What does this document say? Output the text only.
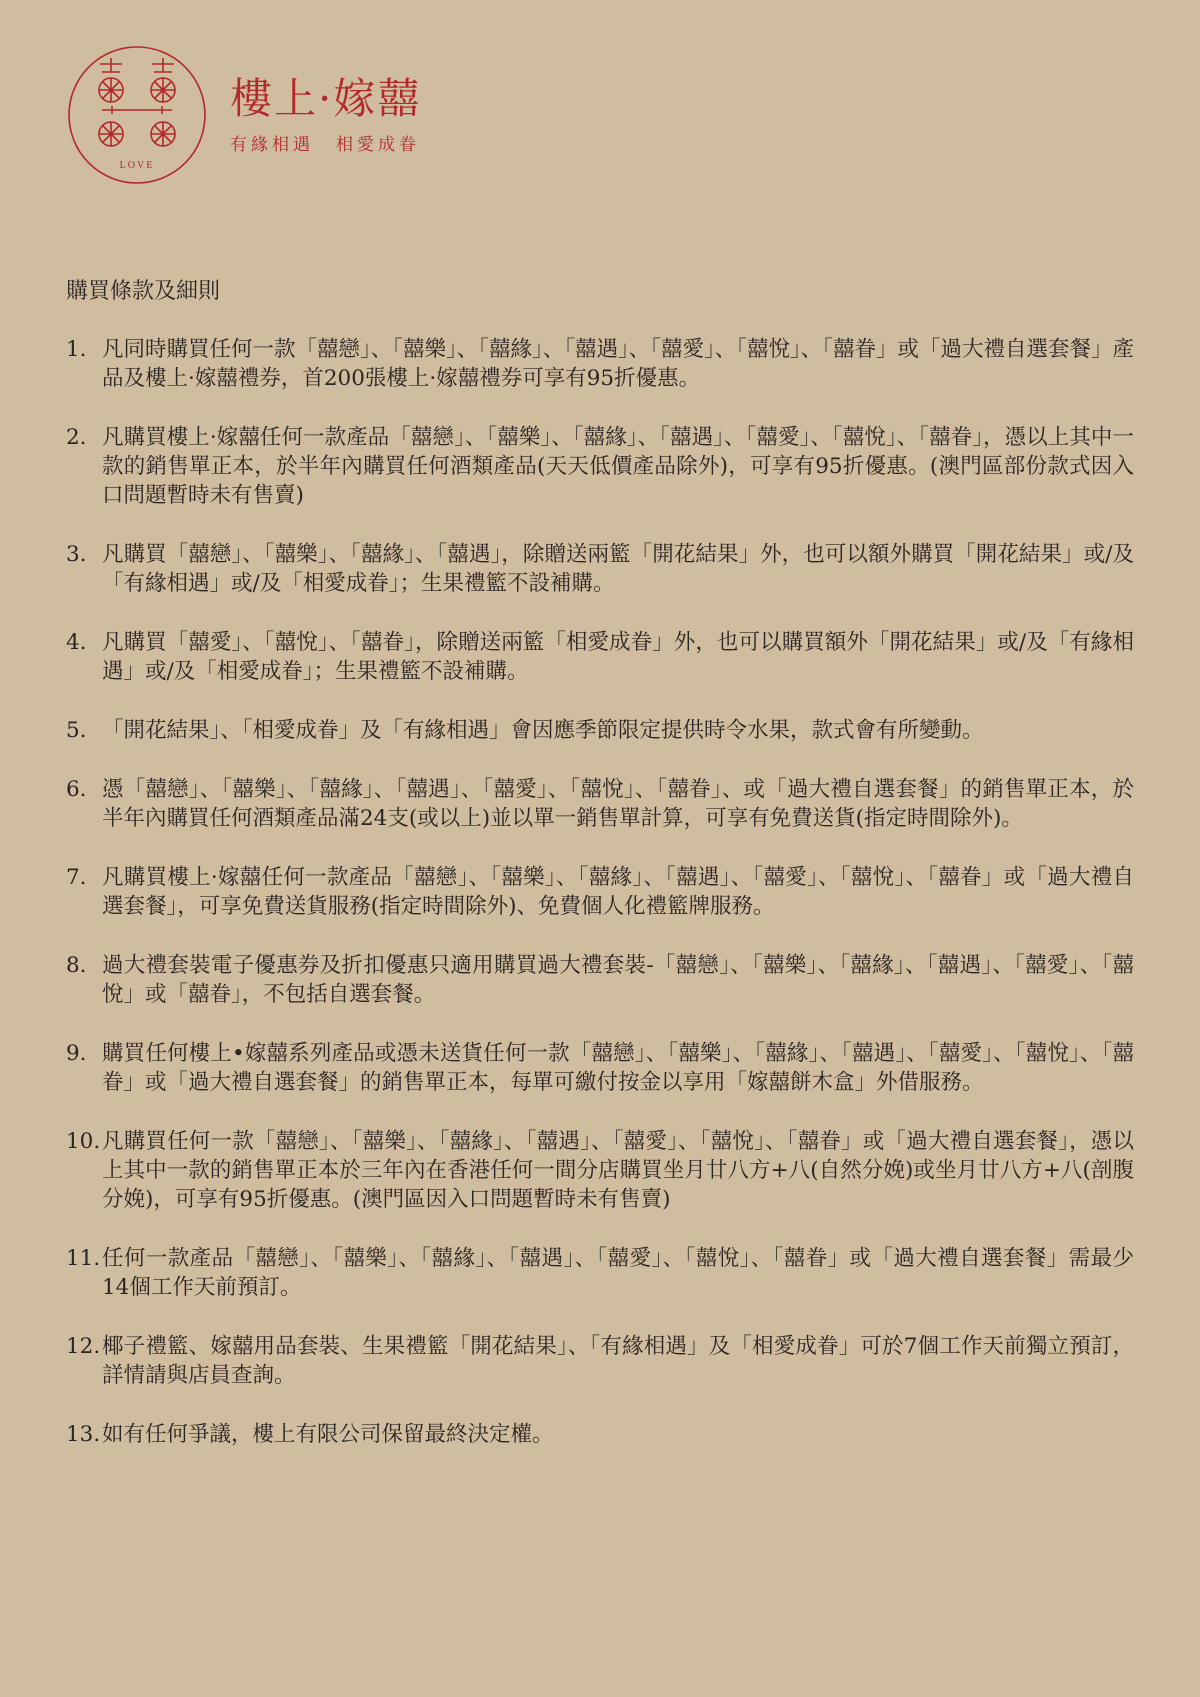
LOVE
樓上·嫁囍
有緣相遇 相愛成眷
購買條款及細則
1. 凡同時購買任何一款「囍戀」、「囍樂」、「囍緣」、「囍遇」、「囍愛」、「囍悅」、「囍眷」或「過大禮自選套餐」產品及樓上·嫁囍禮券，首200張樓上·嫁囍禮券可享有95折優惠。
2. 凡購買樓上·嫁囍任何一款產品「囍戀」、「囍樂」、「囍緣」、「囍遇」、「囍愛」、「囍悅」、「囍眷」，憑以上其中一款的銷售單正本，於半年內購買任何酒類產品(天天低價產品除外)，可享有95折優惠。(澳門區部份款式因入口問題暫時未有售賣)
3. 凡購買「囍戀」、「囍樂」、「囍緣」、「囍遇」，除贈送兩籃「開花結果」外，也可以額外購買「開花結果」或/及「有緣相遇」或/及「相愛成眷」；生果禮籃不設補購。
4. 凡購買「囍愛」、「囍悅」、「囍眷」，除贈送兩籃「相愛成眷」外，也可以購買額外「開花結果」或/及「有緣相遇」或/及「相愛成眷」；生果禮籃不設補購。
5. 「開花結果」、「相愛成眷」及「有緣相遇」會因應季節限定提供時令水果，款式會有所變動。
6. 憑「囍戀」、「囍樂」、「囍緣」、「囍遇」、「囍愛」、「囍悅」、「囍眷」、或「過大禮自選套餐」的銷售單正本，於半年內購買任何酒類產品滿24支(或以上)並以單一銷售單計算，可享有免費送貨(指定時間除外)。
7. 凡購買樓上·嫁囍任何一款產品「囍戀」、「囍樂」、「囍緣」、「囍遇」、「囍愛」、「囍悅」、「囍眷」或「過大禮自選套餐」，可享免費送貨服務(指定時間除外)、免費個人化禮籃牌服務。
8. 過大禮套裝電子優惠券及折扣優惠只適用購買過大禮套裝-「囍戀」、「囍樂」、「囍緣」、「囍遇」、「囍愛」、「囍悅」或「囍眷」，不包括自選套餐。
9. 購買任何樓上•嫁囍系列產品或憑未送貨任何一款「囍戀」、「囍樂」、「囍緣」、「囍遇」、「囍愛」、「囍悅」、「囍眷」或「過大禮自選套餐」的銷售單正本，每單可繳付按金以享用「嫁囍餅木盒」外借服務。
10. 凡購買任何一款「囍戀」、「囍樂」、「囍緣」、「囍遇」、「囍愛」、「囍悅」、「囍眷」或「過大禮自選套餐」，憑以上其中一款的銷售單正本於三年內在香港任何一間分店購買坐月廿八方+八(自然分娩)或坐月廿八方+八(剖腹分娩)，可享有95折優惠。(澳門區因入口問題暫時未有售賣)
11. 任何一款產品「囍戀」、「囍樂」、「囍緣」、「囍遇」、「囍愛」、「囍悅」、「囍眷」或「過大禮自選套餐」需最少14個工作天前預訂。
12. 椰子禮籃、嫁囍用品套裝、生果禮籃「開花結果」、「有緣相遇」及「相愛成眷」可於7個工作天前獨立預訂，詳情請與店員查詢。
13. 如有任何爭議，樓上有限公司保留最終決定權。
